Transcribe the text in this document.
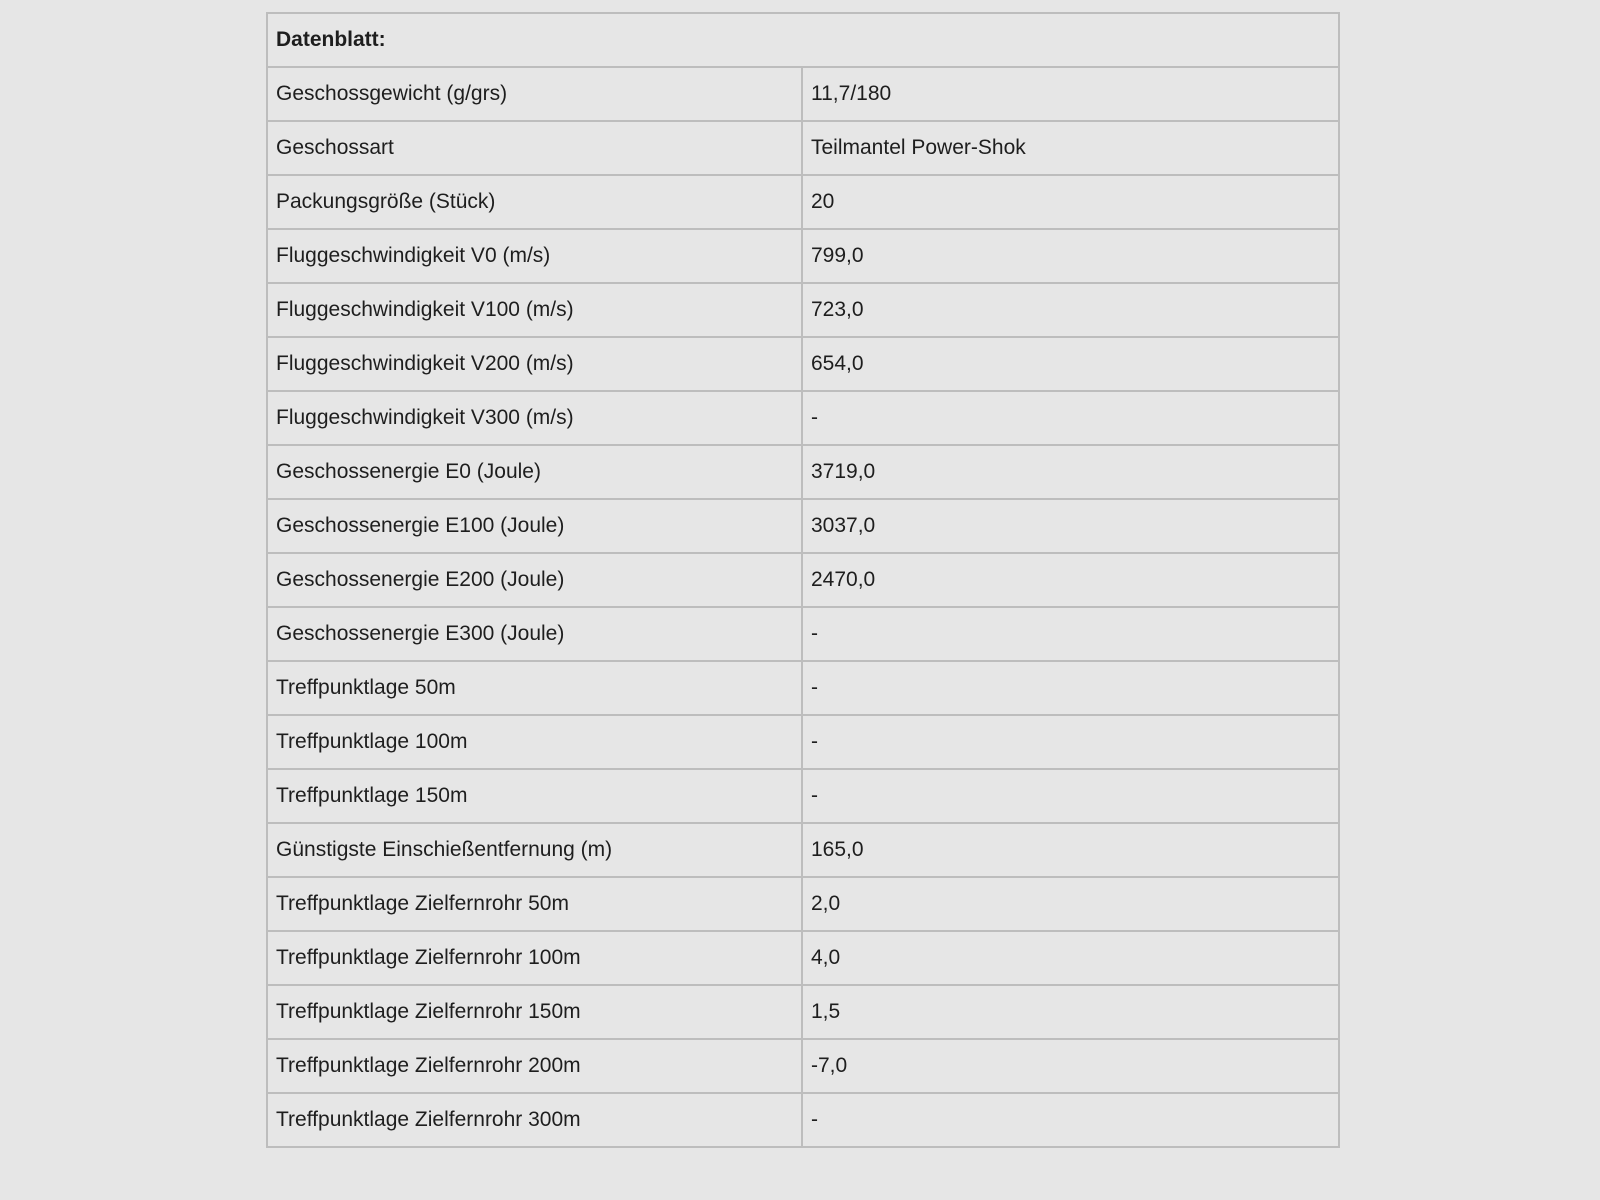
Datenblatt:	
Geschossgewicht (g/grs)	11,7/180
Geschossart	Teilmantel Power-Shok
Packungsgröße (Stück)	20
Fluggeschwindigkeit V0 (m/s)	799,0
Fluggeschwindigkeit V100 (m/s)	723,0
Fluggeschwindigkeit V200 (m/s)	654,0
Fluggeschwindigkeit V300 (m/s)	-
Geschossenergie E0 (Joule)	3719,0
Geschossenergie E100 (Joule)	3037,0
Geschossenergie E200 (Joule)	2470,0
Geschossenergie E300 (Joule)	-
Treffpunktlage 50m	-
Treffpunktlage 100m	-
Treffpunktlage 150m	-
Günstigste Einschießentfernung (m)	165,0
Treffpunktlage Zielfernrohr 50m	2,0
Treffpunktlage Zielfernrohr 100m	4,0
Treffpunktlage Zielfernrohr 150m	1,5
Treffpunktlage Zielfernrohr 200m	-7,0
Treffpunktlage Zielfernrohr 300m	-
